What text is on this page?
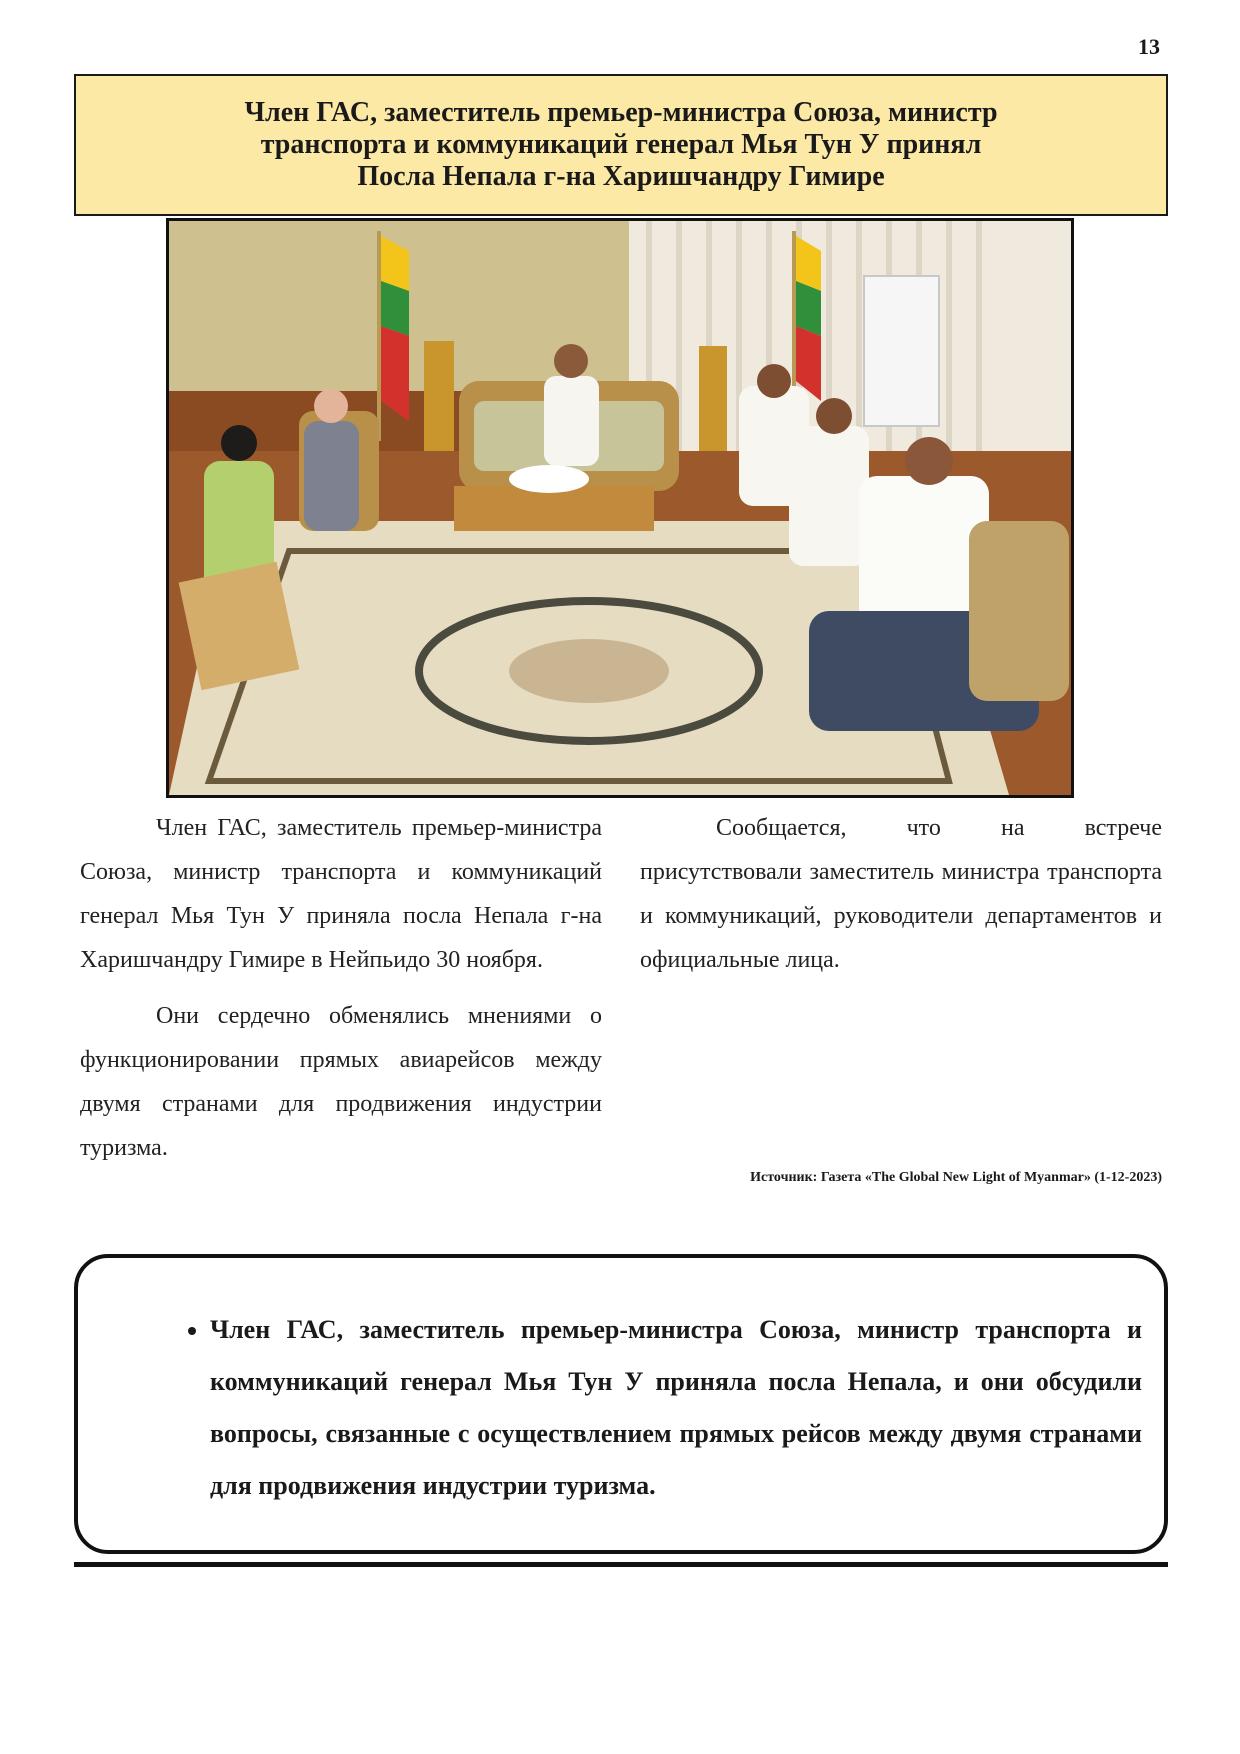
13
Член ГАС, заместитель премьер-министра Союза, министр
транспорта и коммуникаций генерал Мья Тун У принял
Посла Непала г-на Харишчандру Гимире

Член ГАС, заместитель премьер-министра Союза, министр транспорта и коммуникаций генерал Мья Тун У приняла посла Непала г-на Харишчандру Гимире в Нейпьидо 30 ноября.

Они сердечно обменялись мнениями о функционировании прямых авиарейсов между двумя странами для продвижения индустрии туризма.

Сообщается, что на встрече присутствовали заместитель министра транспорта и коммуникаций, руководители департаментов и официальные лица.

Источник: Газета «The Global New Light of Myanmar» (1-12-2023)
• Член ГАС, заместитель премьер-министра Союза, министр транспорта и коммуникаций генерал Мья Тун У приняла посла Непала, и они обсудили вопросы, связанные с осуществлением прямых рейсов между двумя странами для продвижения индустрии туризма.
